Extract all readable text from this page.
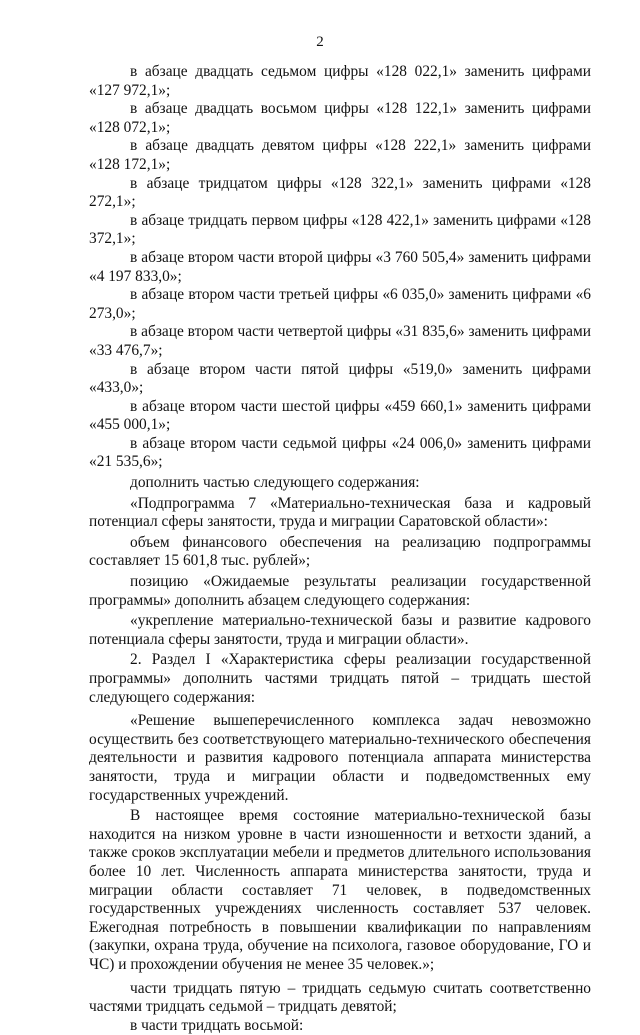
2

в абзаце двадцать седьмом цифры «128 022,1» заменить цифрами «127 972,1»;

в абзаце двадцать восьмом цифры «128 122,1» заменить цифрами «128 072,1»;

в абзаце двадцать девятом цифры «128 222,1» заменить цифрами «128 172,1»;

в абзаце тридцатом цифры «128 322,1» заменить цифрами «128 272,1»;

в абзаце тридцать первом цифры «128 422,1» заменить цифрами «128 372,1»;

в абзаце втором части второй цифры «3 760 505,4» заменить цифрами «4 197 833,0»;

в абзаце втором части третьей цифры «6 035,0» заменить цифрами «6 273,0»;

в абзаце втором части четвертой цифры «31 835,6» заменить цифрами «33 476,7»;

в абзаце втором части пятой цифры «519,0» заменить цифрами «433,0»;

в абзаце втором части шестой цифры «459 660,1» заменить цифрами «455 000,1»;

в абзаце втором части седьмой цифры «24 006,0» заменить цифрами «21 535,6»;

дополнить частью следующего содержания:

«Подпрограмма 7 «Материально-техническая база и кадровый потенциал сферы занятости, труда и миграции Саратовской области»:

объем финансового обеспечения на реализацию подпрограммы составляет 15 601,8 тыс. рублей»;

позицию «Ожидаемые результаты реализации государственной программы» дополнить абзацем следующего содержания:

«укрепление материально-технической базы и развитие кадрового потенциала сферы занятости, труда и миграции области».

2. Раздел I «Характеристика сферы реализации государственной программы» дополнить частями тридцать пятой – тридцать шестой следующего содержания:

«Решение вышеперечисленного комплекса задач невозможно осуществить без соответствующего материально-технического обеспечения деятельности и развития кадрового потенциала аппарата министерства занятости, труда и миграции области и подведомственных ему государственных учреждений.

В настоящее время состояние материально-технической базы находится на низком уровне в части изношенности и ветхости зданий, а также сроков эксплуатации мебели и предметов длительного использования более 10 лет. Численность аппарата министерства занятости, труда и миграции области составляет 71 человек, в подведомственных государственных учреждениях численность составляет 537 человек. Ежегодная потребность в повышении квалификации по направлениям (закупки, охрана труда, обучение на психолога, газовое оборудование, ГО и ЧС) и прохождении обучения не менее 35 человек.»;

части тридцать пятую – тридцать седьмую считать соответственно частями тридцать седьмой – тридцать девятой;

в части тридцать восьмой:
